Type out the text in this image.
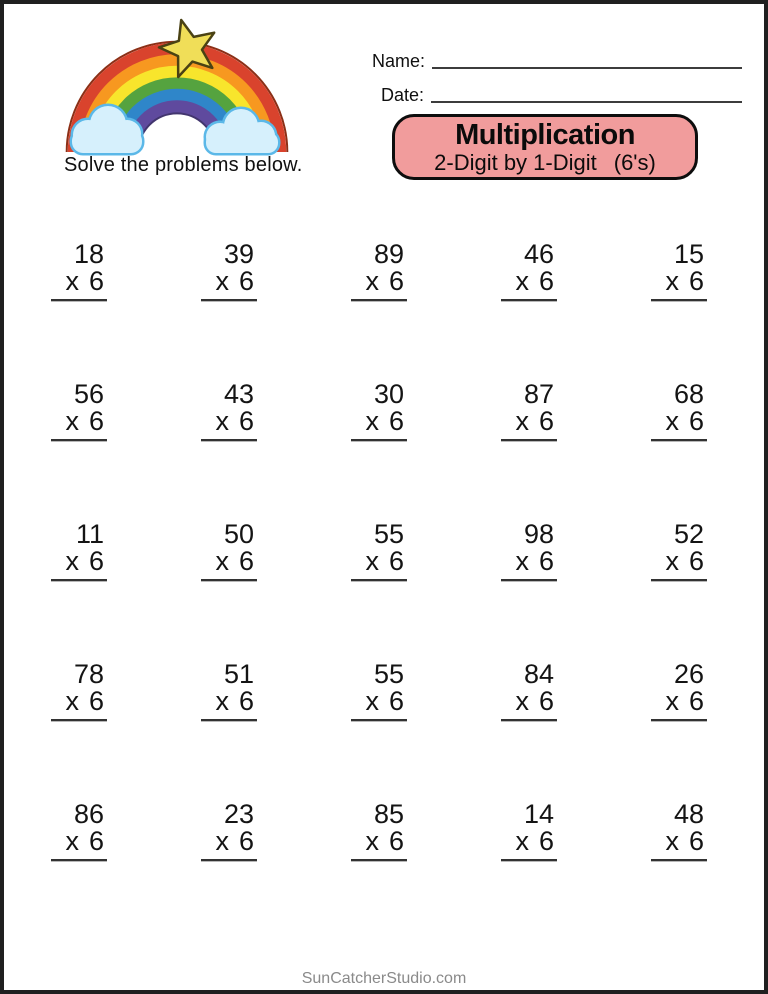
Solve the problems below.
Name:
Date:
Multiplication
2-Digit by 1-Digit (6's)
18
x 6
39
x 6
89
x 6
46
x 6
15
x 6
56
x 6
43
x 6
30
x 6
87
x 6
68
x 6
11
x 6
50
x 6
55
x 6
98
x 6
52
x 6
78
x 6
51
x 6
55
x 6
84
x 6
26
x 6
86
x 6
23
x 6
85
x 6
14
x 6
48
x 6
SunCatcherStudio.com
